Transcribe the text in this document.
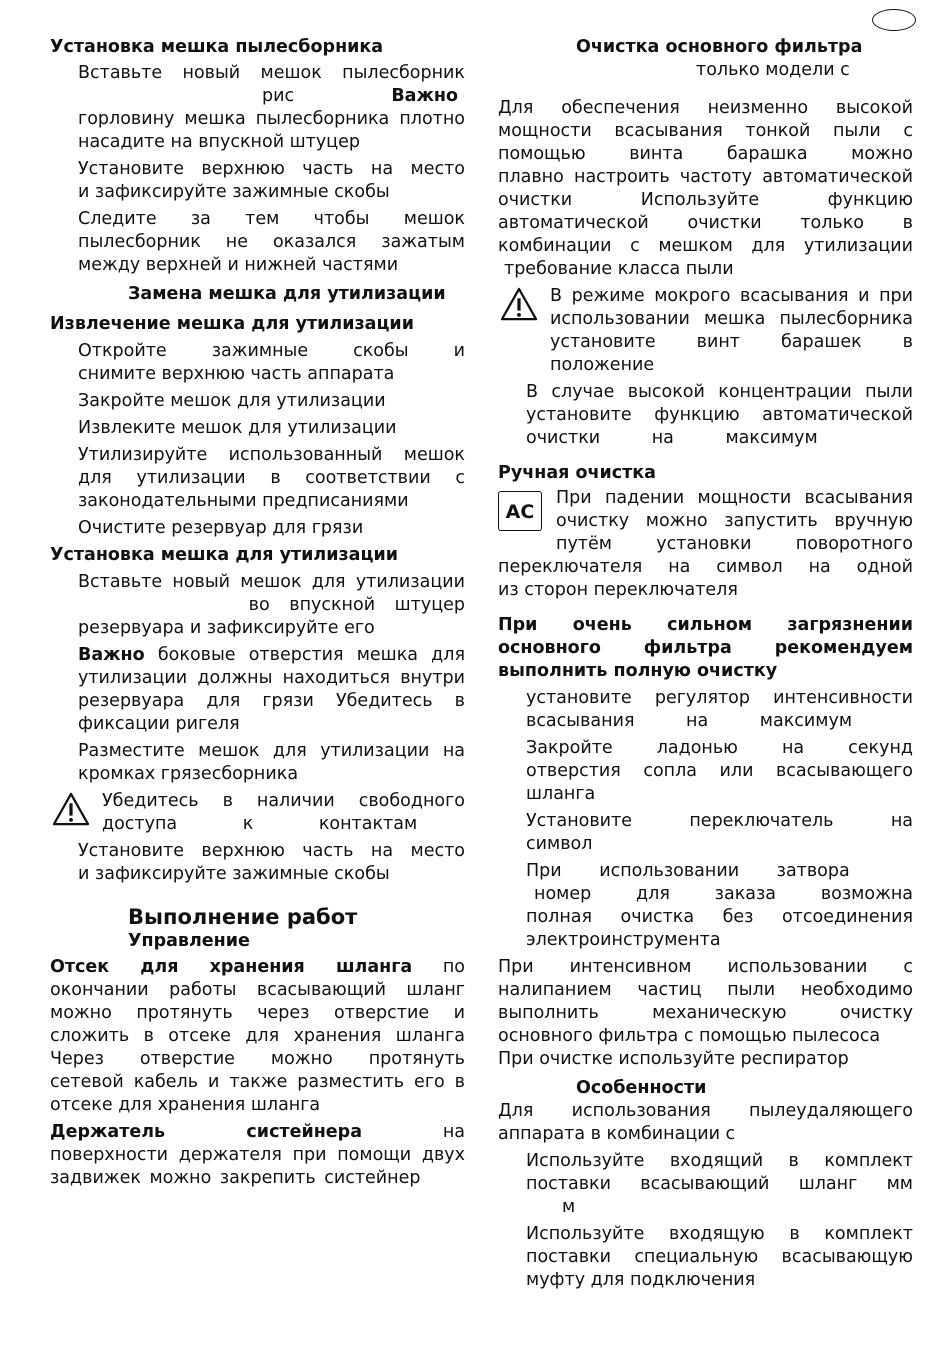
Установка мешка пылесборника

Вставьте новый мешок пылесборник

рис	Важно

горловину мешка пылесборника плотно

насадите на впускной штуцер

Установите верхнюю часть на место

и зафиксируйте зажимные скобы

Следите за тем чтобы мешок

пылесборник не оказался зажатым

между верхней и нижней частями

Замена мешка для утилизации

Извлечение мешка для утилизации

Откройте зажимные скобы и

снимите верхнюю часть аппарата

Закройте мешок для утилизации

Извлеките мешок для утилизации

Утилизируйте использованный мешок

для утилизации в соответствии с

законодательными предписаниями

Очистите резервуар для грязи

Установка мешка для утилизации

Вставьте новый мешок для утилизации

во впускной штуцер

резервуара и зафиксируйте его

Важно боковые отверстия мешка для

утилизации должны находиться внутри

резервуара для грязи Убедитесь в

фиксации ригеля

Разместите мешок для утилизации на

кромках грязесборника

Убедитесь в наличии свободного

доступа к контактам

Установите верхнюю часть на место

и зафиксируйте зажимные скобы

Выполнение работ

Управление

Отсек для хранения шланга по

окончании работы всасывающий шланг

можно протянуть через отверстие и

сложить в отсеке для хранения шланга

Через отверстие можно протянуть

сетевой кабель и также разместить его в

отсеке для хранения шланга

Держатель систейнера	на

поверхности держателя при помощи двух

задвижек можно закрепить систейнер

Очистка основного фильтра

только модели с

Для обеспечения неизменно высокой

мощности всасывания тонкой пыли с

помощью винта барашка можно

плавно настроить частоту автоматической

очистки Используйте функцию

автоматической очистки только в

комбинации с мешком для утилизации

требование класса пыли

В режиме мокрого всасывания и при

использовании мешка пылесборника

установите винт барашек в

положение

В случае высокой концентрации пыли

установите функцию автоматической

очистки на максимум

Ручная очистка

AC

При падении мощности всасывания

очистку можно запустить вручную

путём установки поворотного

переключателя на символ на одной

из сторон переключателя

При очень сильном загрязнении

основного фильтра рекомендуем

выполнить полную очистку

установите регулятор интенсивности

всасывания на максимум

Закройте ладонью на секунд

отверстия сопла или всасывающего

шланга

Установите переключатель на

символ

При использовании затвора

номер для заказа возможна

полная очистка без отсоединения

электроинструмента

При интенсивном использовании с

налипанием частиц пыли необходимо

выполнить механическую очистку

основного фильтра с помощью пылесоса

При очистке используйте респиратор

Особенности

Для использования пылеудаляющего

аппарата в комбинации с

Используйте входящий в комплект

поставки всасывающий шланг мм

м

Используйте входящую в комплект

поставки специальную всасывающую

муфту для подключения
